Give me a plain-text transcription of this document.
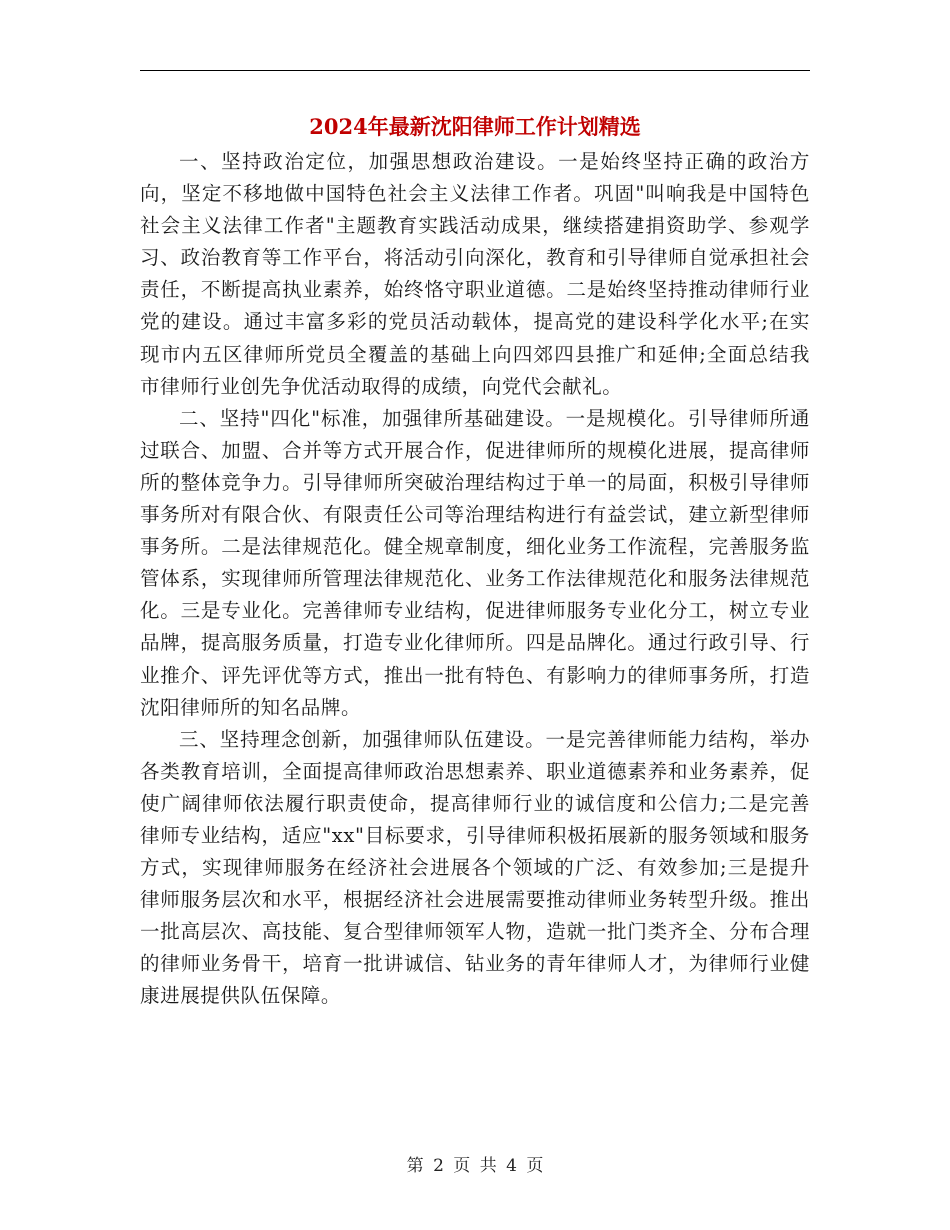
2024年最新沈阳律师工作计划精选

一、坚持政治定位，加强思想政治建设。一是始终坚持正确的政治方向，坚定不移地做中国特色社会主义法律工作者。巩固"叫响我是中国特色社会主义法律工作者"主题教育实践活动成果，继续搭建捐资助学、参观学习、政治教育等工作平台，将活动引向深化，教育和引导律师自觉承担社会责任，不断提高执业素养，始终恪守职业道德。二是始终坚持推动律师行业党的建设。通过丰富多彩的党员活动载体，提高党的建设科学化水平;在实现市内五区律师所党员全覆盖的基础上向四郊四县推广和延伸;全面总结我市律师行业创先争优活动取得的成绩，向党代会献礼。

二、坚持"四化"标准，加强律所基础建设。一是规模化。引导律师所通过联合、加盟、合并等方式开展合作，促进律师所的规模化进展，提高律师所的整体竞争力。引导律师所突破治理结构过于单一的局面，积极引导律师事务所对有限合伙、有限责任公司等治理结构进行有益尝试，建立新型律师事务所。二是法律规范化。健全规章制度，细化业务工作流程，完善服务监管体系，实现律师所管理法律规范化、业务工作法律规范化和服务法律规范化。三是专业化。完善律师专业结构，促进律师服务专业化分工，树立专业品牌，提高服务质量，打造专业化律师所。四是品牌化。通过行政引导、行业推介、评先评优等方式，推出一批有特色、有影响力的律师事务所，打造沈阳律师所的知名品牌。

三、坚持理念创新，加强律师队伍建设。一是完善律师能力结构，举办各类教育培训，全面提高律师政治思想素养、职业道德素养和业务素养，促使广阔律师依法履行职责使命，提高律师行业的诚信度和公信力;二是完善律师专业结构，适应"xx"目标要求，引导律师积极拓展新的服务领域和服务方式，实现律师服务在经济社会进展各个领域的广泛、有效参加;三是提升律师服务层次和水平，根据经济社会进展需要推动律师业务转型升级。推出一批高层次、高技能、复合型律师领军人物，造就一批门类齐全、分布合理的律师业务骨干，培育一批讲诚信、钻业务的青年律师人才，为律师行业健康进展提供队伍保障。

第 2 页 共 4 页
